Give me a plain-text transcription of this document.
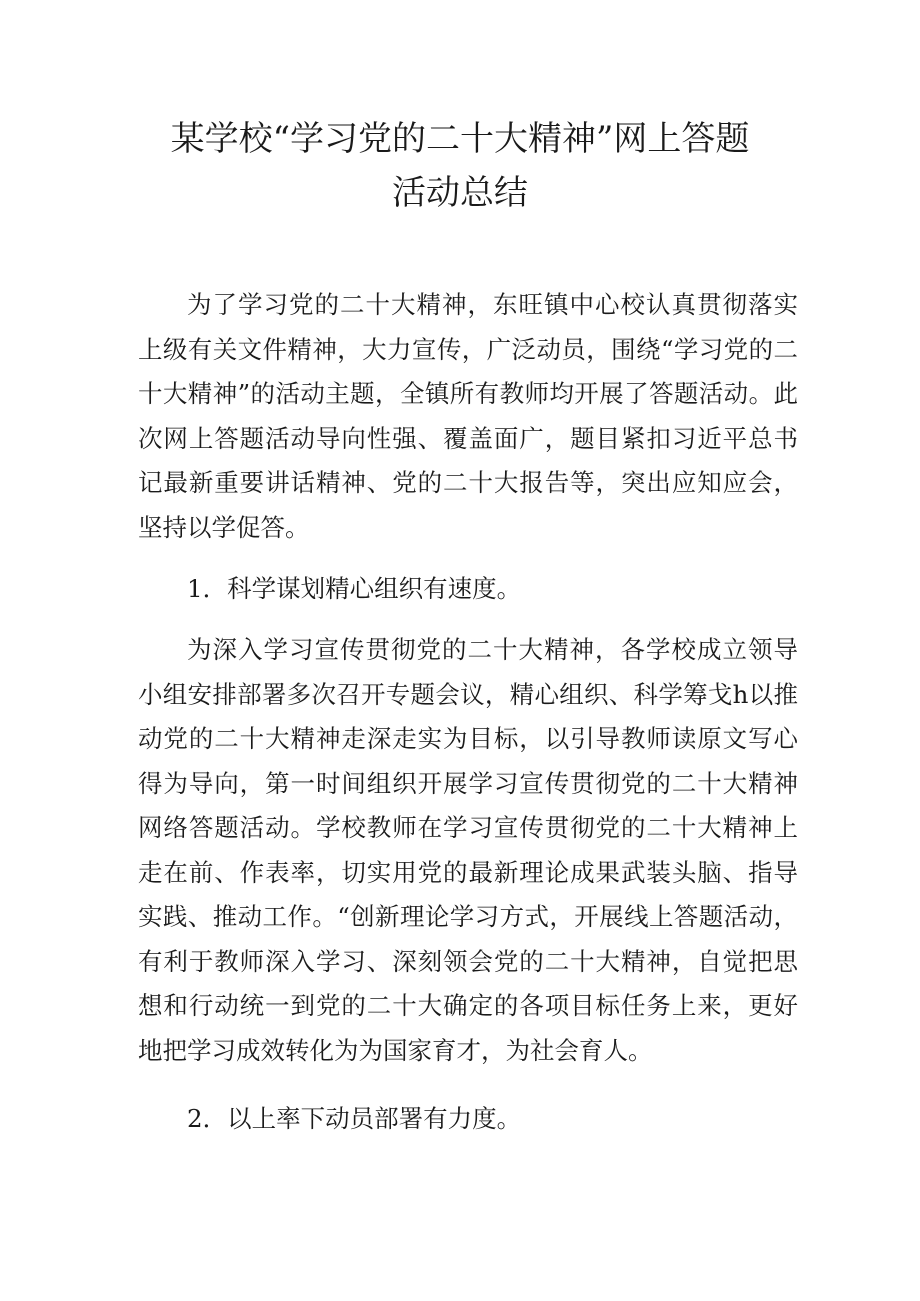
某学校“学习党的二十大精神”网上答题
活动总结

为了学习党的二十大精神，东旺镇中心校认真贯彻落实上级有关文件精神，大力宣传，广泛动员，围绕“学习党的二十大精神”的活动主题，全镇所有教师均开展了答题活动。此次网上答题活动导向性强、覆盖面广，题目紧扣习近平总书记最新重要讲话精神、党的二十大报告等，突出应知应会，坚持以学促答。

1．科学谋划精心组织有速度。

为深入学习宣传贯彻党的二十大精神，各学校成立领导小组安排部署多次召开专题会议，精心组织、科学筹戈h以推动党的二十大精神走深走实为目标，以引导教师读原文写心得为导向，第一时间组织开展学习宣传贯彻党的二十大精神网络答题活动。学校教师在学习宣传贯彻党的二十大精神上走在前、作表率，切实用党的最新理论成果武装头脑、指导实践、推动工作。“创新理论学习方式，开展线上答题活动，有利于教师深入学习、深刻领会党的二十大精神，自觉把思想和行动统一到党的二十大确定的各项目标任务上来，更好地把学习成效转化为为国家育才，为社会育人。

2．以上率下动员部署有力度。
